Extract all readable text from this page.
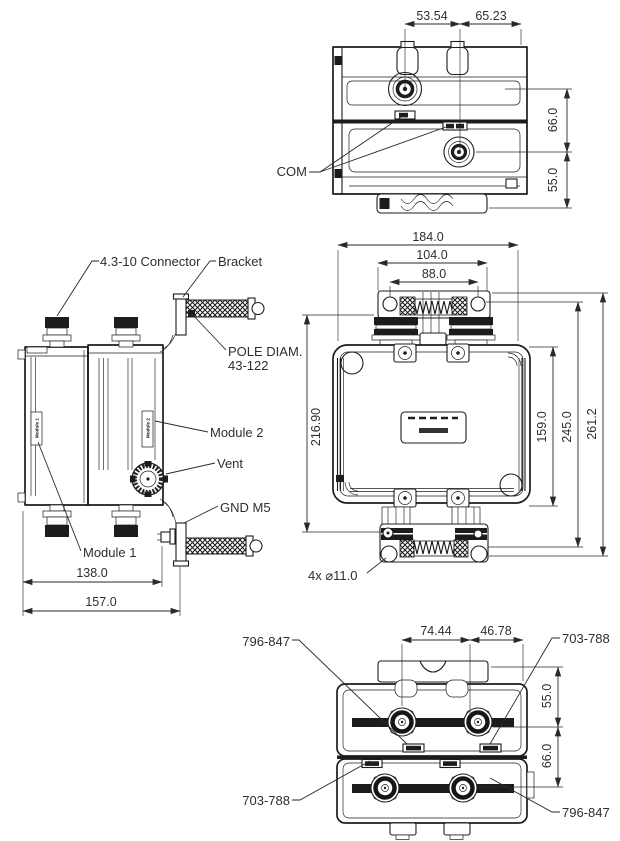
53.54 65.23
66.0
55.0
COM
Module 1	Module 2
4.3-10 Connector Bracket
POLE DIAM.
43-122
Module 2
Vent
GND M5
Module 1
138.0
157.0
184.0
104.0
88.0
216.90	159.0 245.0 261.2
4x ⌀11.0
74.44 46.78
55.0
66.0
796-847	703-788
703-788
796-847
